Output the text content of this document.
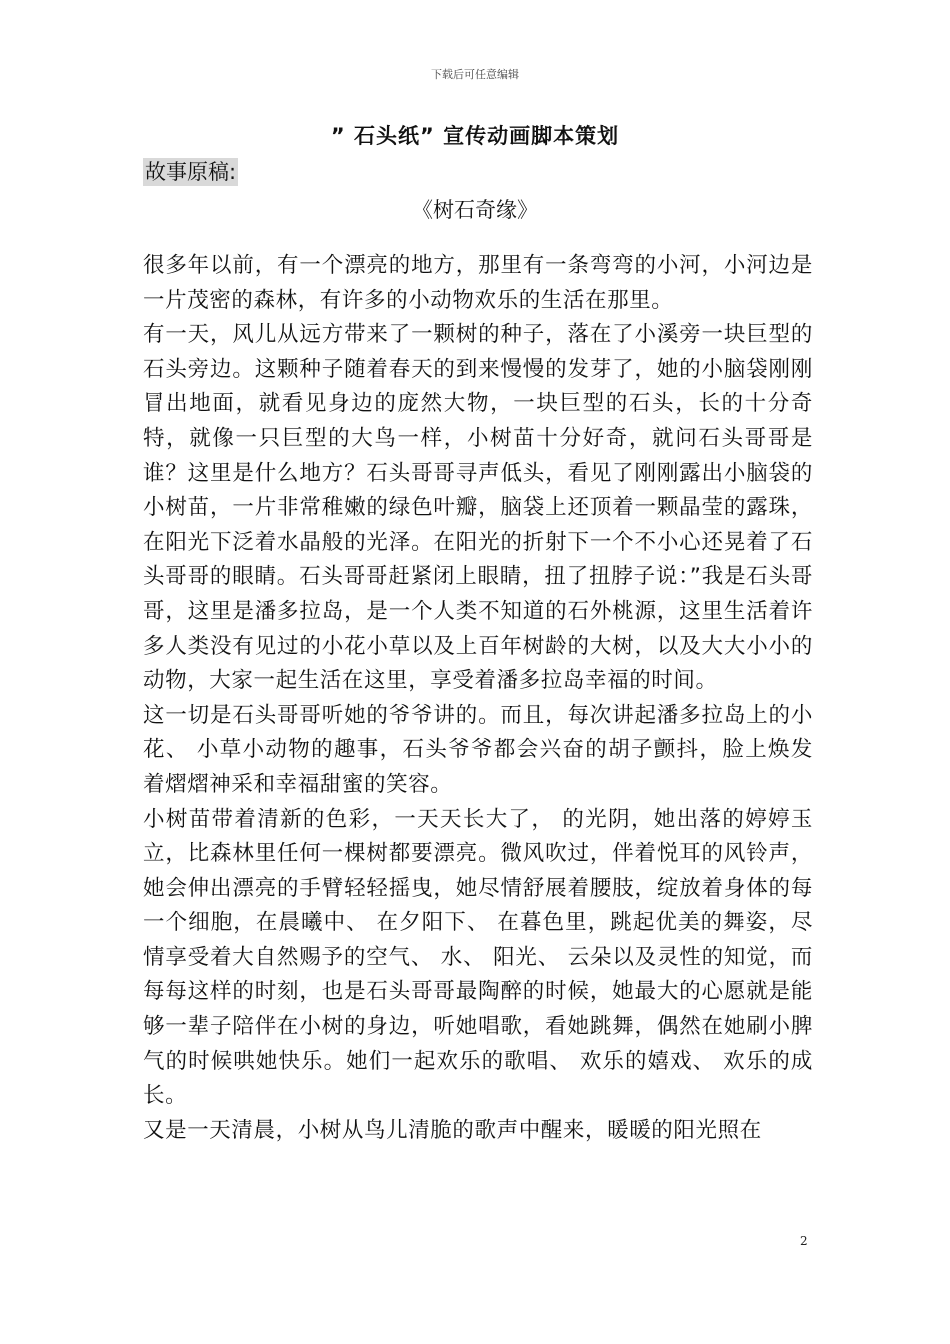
下载后可任意编辑
” 石头纸” 宣传动画脚本策划
故事原稿:
《树石奇缘》

很多年以前，有一个漂亮的地方，那里有一条弯弯的小河，小河边是一片茂密的森林，有许多的小动物欢乐的生活在那里。

有一天，风儿从远方带来了一颗树的种子，落在了小溪旁一块巨型的石头旁边。这颗种子随着春天的到来慢慢的发芽了，她的小脑袋刚刚冒出地面，就看见身边的庞然大物，一块巨型的石头，长的十分奇特，就像一只巨型的大鸟一样，小树苗十分好奇，就问石头哥哥是谁？这里是什么地方？石头哥哥寻声低头，看见了刚刚露出小脑袋的小树苗，一片非常稚嫩的绿色叶瓣，脑袋上还顶着一颗晶莹的露珠，在阳光下泛着水晶般的光泽。在阳光的折射下一个不小心还晃着了石头哥哥的眼睛。石头哥哥赶紧闭上眼睛，扭了扭脖子说：”我是石头哥哥，这里是潘多拉岛，是一个人类不知道的石外桃源，这里生活着许多人类没有见过的小花小草以及上百年树龄的大树，以及大大小小的动物，大家一起生活在这里，享受着潘多拉岛幸福的时间。

这一切是石头哥哥听她的爷爷讲的。而且，每次讲起潘多拉岛上的小花、 小草小动物的趣事，石头爷爷都会兴奋的胡子颤抖，脸上焕发着熠熠神采和幸福甜蜜的笑容。

小树苗带着清新的色彩，一天天长大了， 的光阴，她出落的婷婷玉立，比森林里任何一棵树都要漂亮。微风吹过，伴着悦耳的风铃声，她会伸出漂亮的手臂轻轻摇曳，她尽情舒展着腰肢，绽放着身体的每一个细胞，在晨曦中、 在夕阳下、 在暮色里，跳起优美的舞姿，尽情享受着大自然赐予的空气、 水、 阳光、 云朵以及灵性的知觉，而每每这样的时刻，也是石头哥哥最陶醉的时候，她最大的心愿就是能够一辈子陪伴在小树的身边，听她唱歌，看她跳舞，偶然在她刷小脾气的时候哄她快乐。她们一起欢乐的歌唱、 欢乐的嬉戏、 欢乐的成长。

又是一天清晨，小树从鸟儿清脆的歌声中醒来，暖暖的阳光照在

2
